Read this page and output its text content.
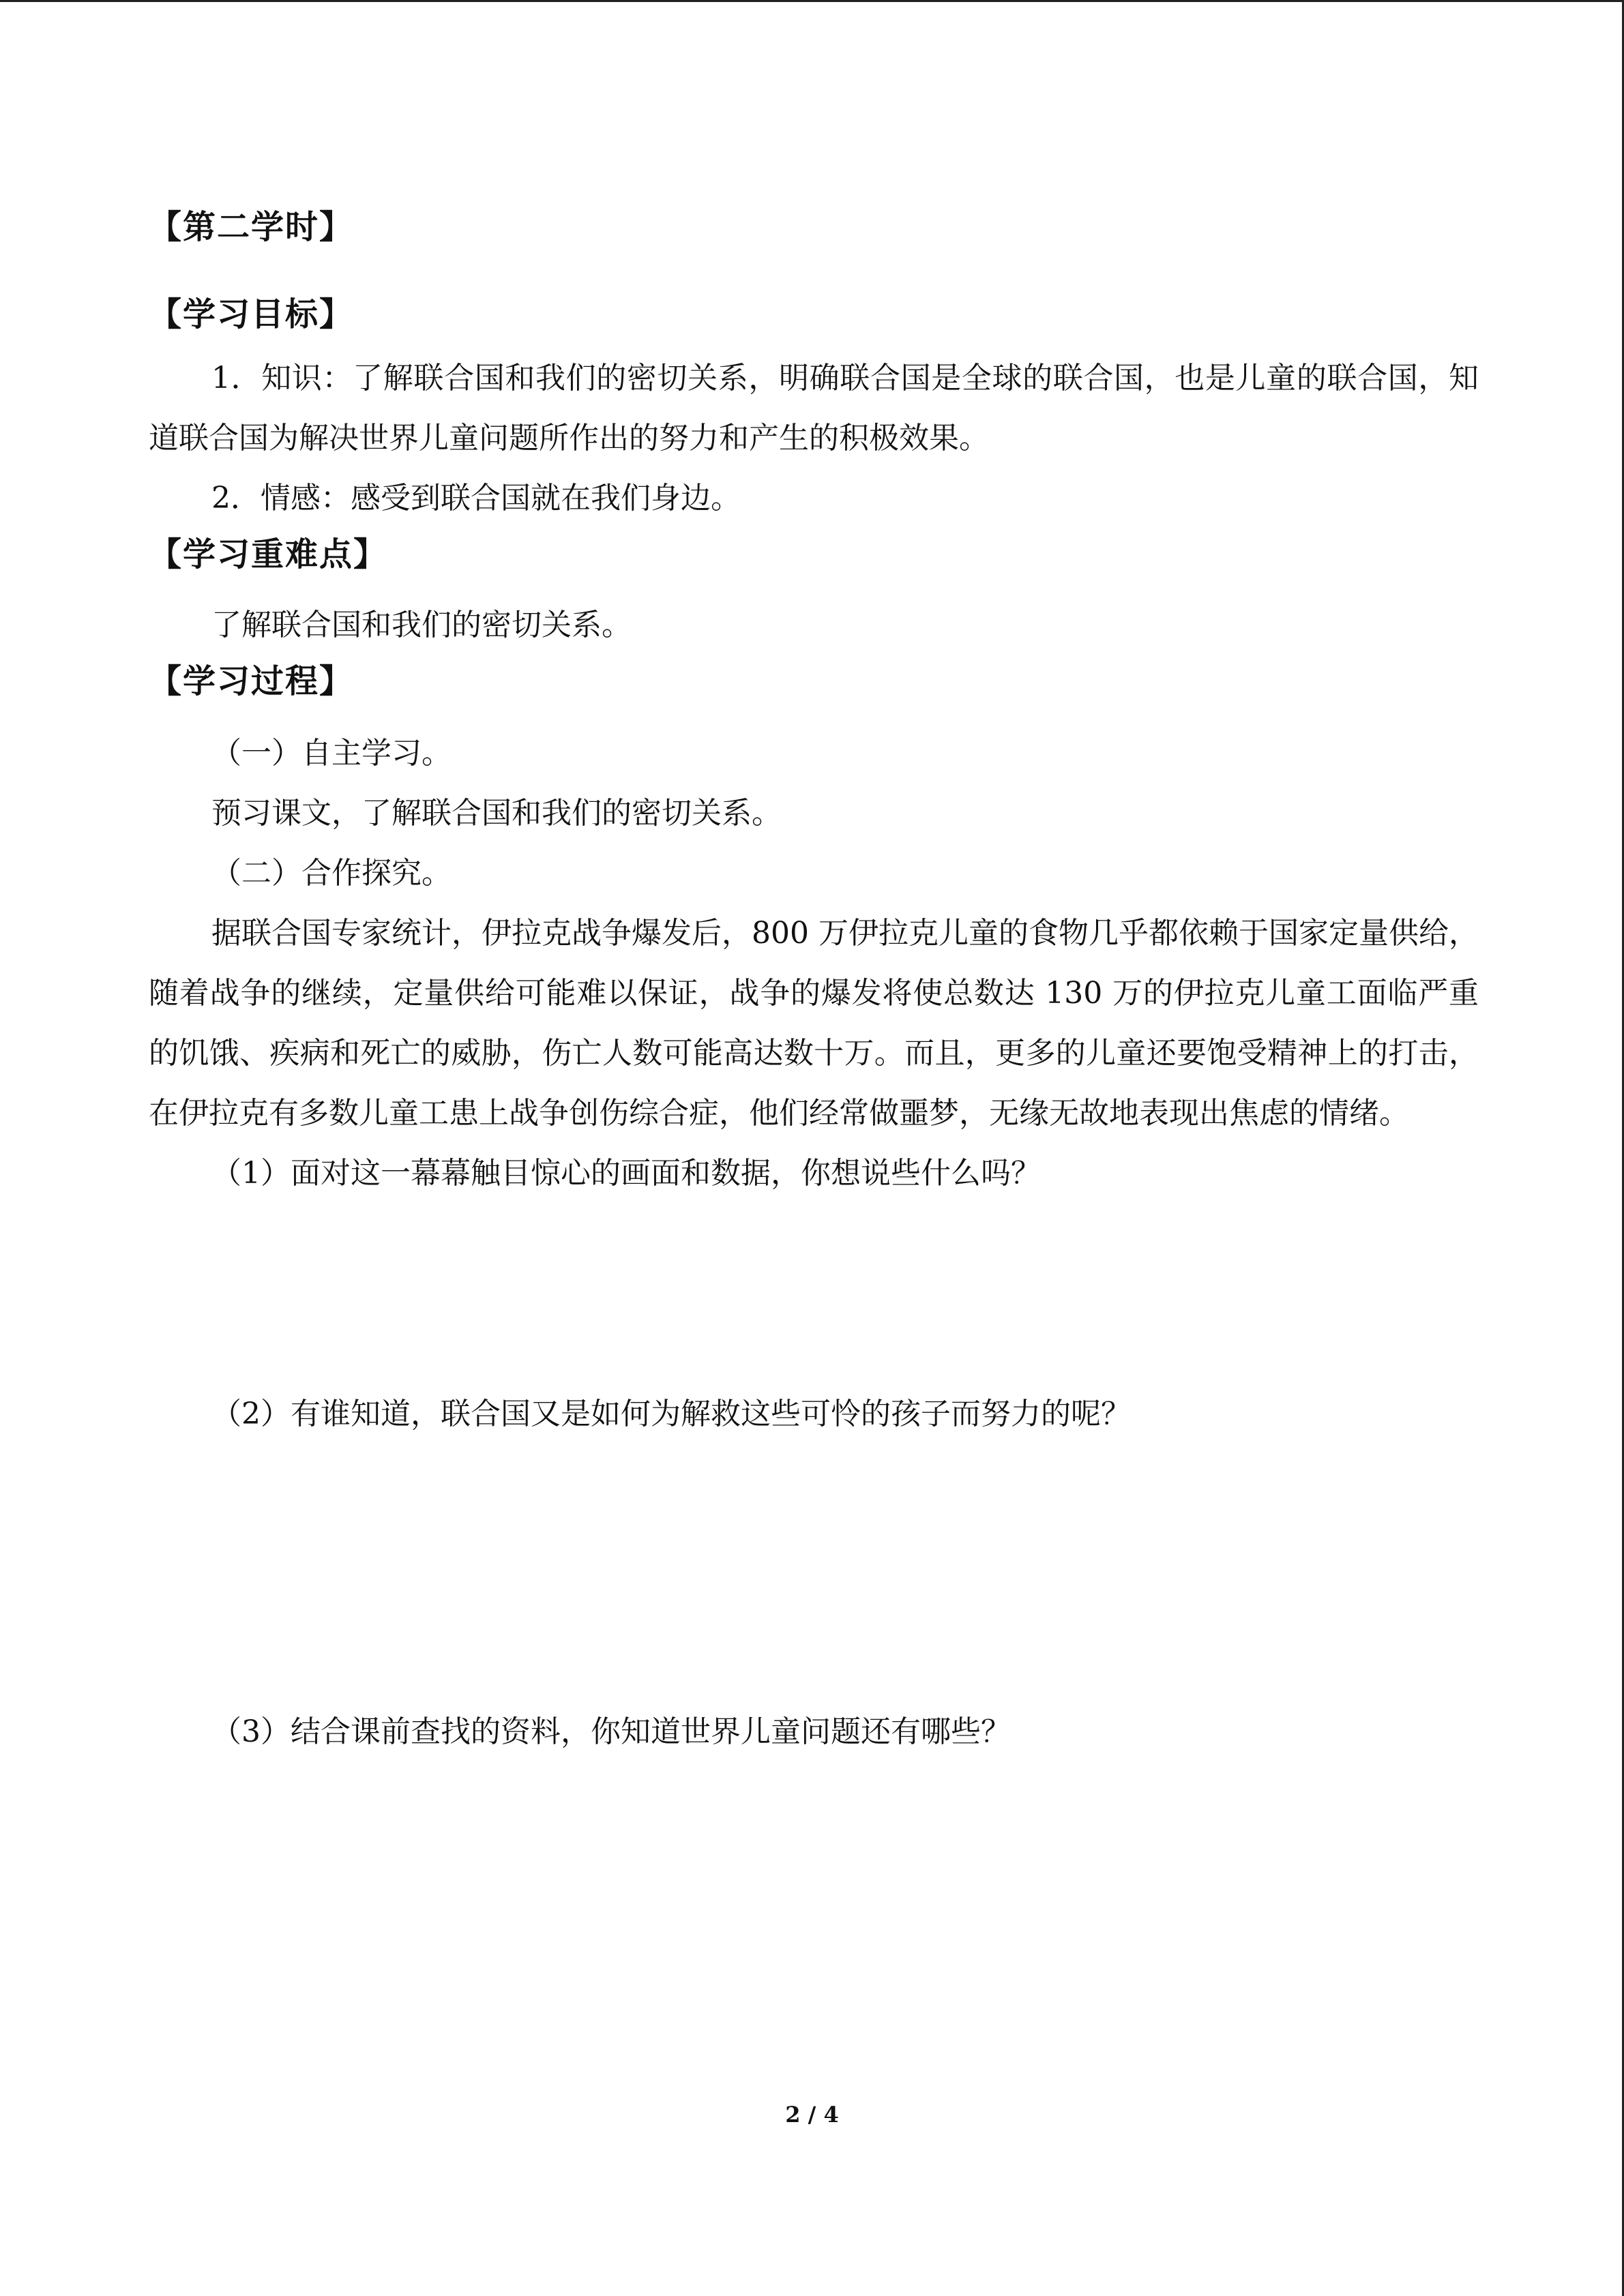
【第二学时】
【学习目标】

1．知识：了解联合国和我们的密切关系，明确联合国是全球的联合国，也是儿童的联合国，知道联合国为解决世界儿童问题所作出的努力和产生的积极效果。

2．情感：感受到联合国就在我们身边。

【学习重难点】

了解联合国和我们的密切关系。

【学习过程】

（一）自主学习。

预习课文，了解联合国和我们的密切关系。

（二）合作探究。

据联合国专家统计，伊拉克战争爆发后，800 万伊拉克儿童的食物几乎都依赖于国家定量供给，随着战争的继续，定量供给可能难以保证，战争的爆发将使总数达 130 万的伊拉克儿童工面临严重的饥饿、疾病和死亡的威胁，伤亡人数可能高达数十万。而且，更多的儿童还要饱受精神上的打击，在伊拉克有多数儿童工患上战争创伤综合症，他们经常做噩梦，无缘无故地表现出焦虑的情绪。

（1）面对这一幕幕触目惊心的画面和数据，你想说些什么吗？

（2）有谁知道，联合国又是如何为解救这些可怜的孩子而努力的呢？

（3）结合课前查找的资料，你知道世界儿童问题还有哪些？

2 / 4
